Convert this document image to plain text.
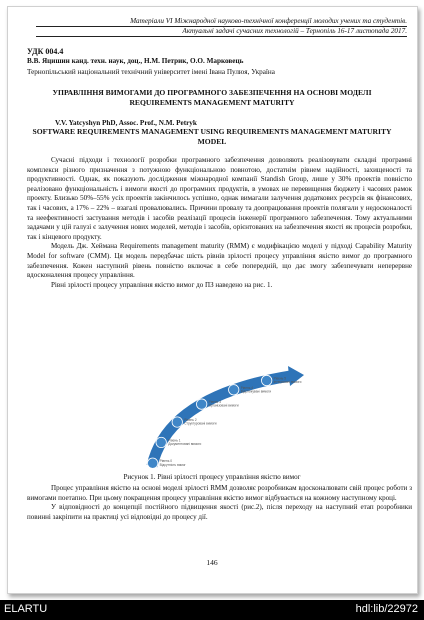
Матеріали VI Міжнародної науково-технічної конференції молодих учених та студентів.
Актуальні задачі сучасних технологій – Тернопіль 16-17 листопада 2017.
УДК 004.4
В.В. Яцишин канд. техн. наук, доц., Н.М. Петрик, О.О. Марковець
Тернопільський національний технічний університет імені Івана Пулюя, Україна
УПРАВЛІННЯ ВИМОГАМИ ДО ПРОГРАМНОГО ЗАБЕЗПЕЧЕННЯ НА ОСНОВІ МОДЕЛІ REQUIREMENTS MANAGEMENT MATURITY
V.V. Yatcyshyn PhD, Assoc. Prof., N.M. Petryk
SOFTWARE REQUIREMENTS MANAGEMENT USING REQUIREMENTS MANAGEMENT MATURITY MODEL

Сучасні підходи і технології розробки програмного забезпечення дозволяють реалізовувати складні програмні комплекси різного призначення з потужною функціональною повнотою, достатнім рівнем надійності, захищеності та продуктивності. Однак, як показують дослідження міжнародної компанії Standish Group, лише у 30% проектів повністю реалізовано функціональність і вимоги якості до програмних продуктів, в умовах не перевищення бюджету і часових рамок проекту. Близько 50%–55% усіх проектів закінчилось успішно, однак вимагали залучення додаткових ресурсів як фінансових, так і часових, а 17% – 22% – взагалі провалювались. Причини провалу та доопрацювання проектів полягали у недосконалості та неефективності застування методів і засобів реалізації процесів інженерії програмного забезпечення. Тому актуальними задачами у цій галузі є залучення нових моделей, методів і засобів, орієнтованих на забезпечення якості як процесів розробки, так і кінцевого продукту.

Модель Дж. Хеймана Requirements management maturity (RMM) є модифікацією моделі у підході Capability Maturity Model for software (CMM). Ця модель передбачає шість рівнів зрілості процесу управління якістю вимог до програмного забезпечення. Кожен наступний рівень повністю включає в себе попередній, що дає змогу забезпечувати неперервне вдосконалення процесу управління.

Рівні зрілості процесу управління якістю вимог до ПЗ наведено на рис. 1.

Рівень 0 Відсутність вимог
Рівень 1 Документовані вимоги
Рівень 2 Структуровані вимоги
Рівень 3 Організовані вимоги
Рівень 4 Відстежувані вимоги
Рівень 5 Інтегровані вимоги
Рисунок 1. Рівні зрілості процесу управління якістю вимог

Процес управління якістю на основі моделі зрілості RMM дозволяє розробникам вдосконалювати свій процес роботи з вимогами поетапно. При цьому покращення процесу управління якістю вимог відбувається на кожному наступному кроці.

У відповідності до концепції постійного підвищення якості (рис.2), після переходу на наступний етап розробники повинні закріпити на практиці усі відповідні до процесу дії.

146
ELARTU	hdl:lib/22972
